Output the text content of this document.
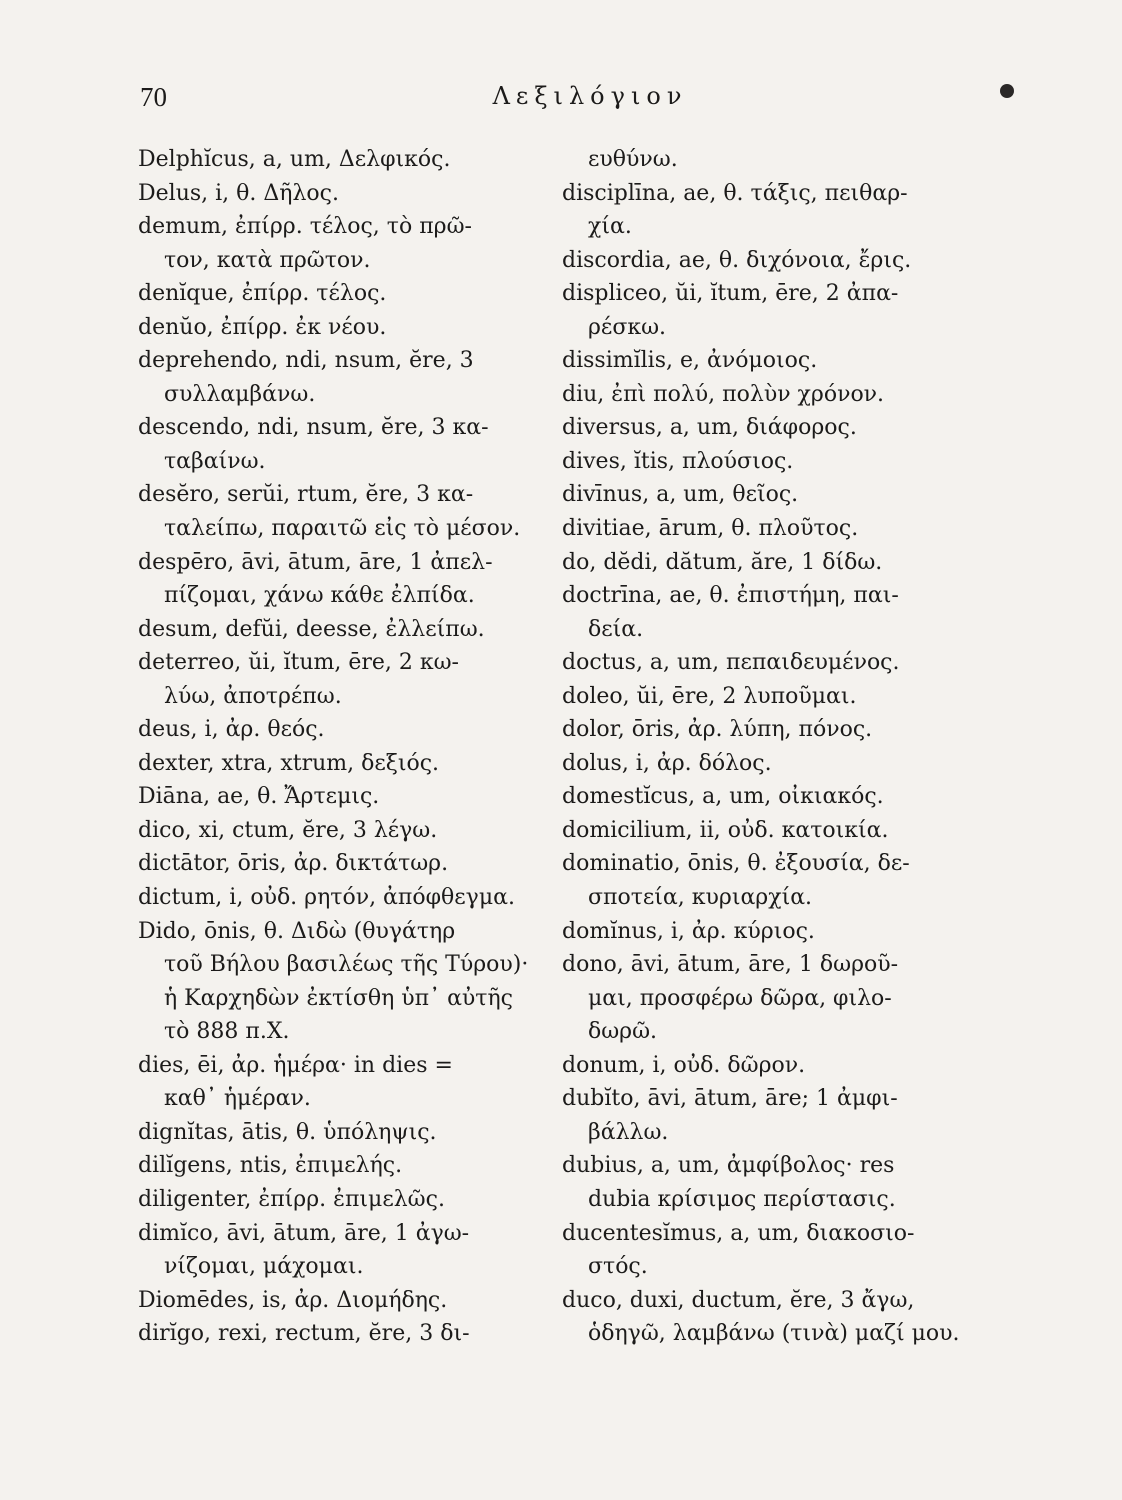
70	Λεξιλόγιον
Delphĭcus, a, um, Δελφικός.
Delus, i, θ. Δῆλος.
demum, ἐπίρρ. τέλος, τὸ πρῶ-
τον, κατὰ πρῶτον.
denĭque, ἐπίρρ. τέλος.
denŭo, ἐπίρρ. ἐκ νέου.
deprehendo, ndi, nsum, ĕre, 3
συλλαμβάνω.
descendo, ndi, nsum, ĕre, 3 κα-
ταβαίνω.
desĕro, serŭi, rtum, ĕre, 3 κα-
ταλείπω, παραιτῶ εἰς τὸ μέσον.
despēro, āvi, ātum, āre, 1 ἀπελ-
πίζομαι, χάνω κάθε ἐλπίδα.
desum, defŭi, deesse, ἐλλείπω.
deterreo, ŭi, ĭtum, ēre, 2 κω-
λύω, ἀποτρέπω.
deus, i, ἀρ. θεός.
dexter, xtra, xtrum, δεξιός.
Diāna, ae, θ. Ἄρτεμις.
dico, xi, ctum, ĕre, 3 λέγω.
dictātor, ōris, ἀρ. δικτάτωρ.
dictum, i, οὐδ. ρητόν, ἀπόφθεγμα.
Dido, ōnis, θ. Διδὼ (θυγάτηρ
τοῦ Βήλου βασιλέως τῆς Τύρου)·
ἡ Καρχηδὼν ἐκτίσθη ὑπ᾽ αὐτῆς
τὸ 888 π.Χ.
dies, ēi, ἀρ. ἡμέρα· in dies =
καθ᾽ ἡμέραν.
dignĭtas, ātis, θ. ὑπόληψις.
dilĭgens, ntis, ἐπιμελής.
diligenter, ἐπίρρ. ἐπιμελῶς.
dimĭco, āvi, ātum, āre, 1 ἀγω-
νίζομαι, μάχομαι.
Diomēdes, is, ἀρ. Διομήδης.
dirĭgo, rexi, rectum, ĕre, 3 δι-
ευθύνω.
disciplīna, ae, θ. τάξις, πειθαρ-
χία.
discordia, ae, θ. διχόνοια, ἔρις.
displiceo, ŭi, ĭtum, ēre, 2 ἀπα-
ρέσκω.
dissimĭlis, e, ἀνόμοιος.
diu, ἐπὶ πολύ, πολὺν χρόνον.
diversus, a, um, διάφορος.
dives, ĭtis, πλούσιος.
divīnus, a, um, θεῖος.
divitiae, ārum, θ. πλοῦτος.
do, dĕdi, dătum, ăre, 1 δίδω.
doctrīna, ae, θ. ἐπιστήμη, παι-
δεία.
doctus, a, um, πεπαιδευμένος.
doleo, ŭi, ēre, 2 λυποῦμαι.
dolor, ōris, ἀρ. λύπη, πόνος.
dolus, i, ἀρ. δόλος.
domestĭcus, a, um, οἰκιακός.
domicilium, ii, οὐδ. κατοικία.
dominatio, ōnis, θ. ἐξουσία, δε-
σποτεία, κυριαρχία.
domĭnus, i, ἀρ. κύριος.
dono, āvi, ātum, āre, 1 δωροῦ-
μαι, προσφέρω δῶρα, φιλο-
δωρῶ.
donum, i, οὐδ. δῶρον.
dubĭto, āvi, ātum, āre; 1 ἀμφι-
βάλλω.
dubius, a, um, ἀμφίβολος· res
dubia κρίσιμος περίστασις.
ducentesĭmus, a, um, διακοσιο-
στός.
duco, duxi, ductum, ĕre, 3 ἄγω,
ὁδηγῶ, λαμβάνω (τινὰ) μαζί μου.
